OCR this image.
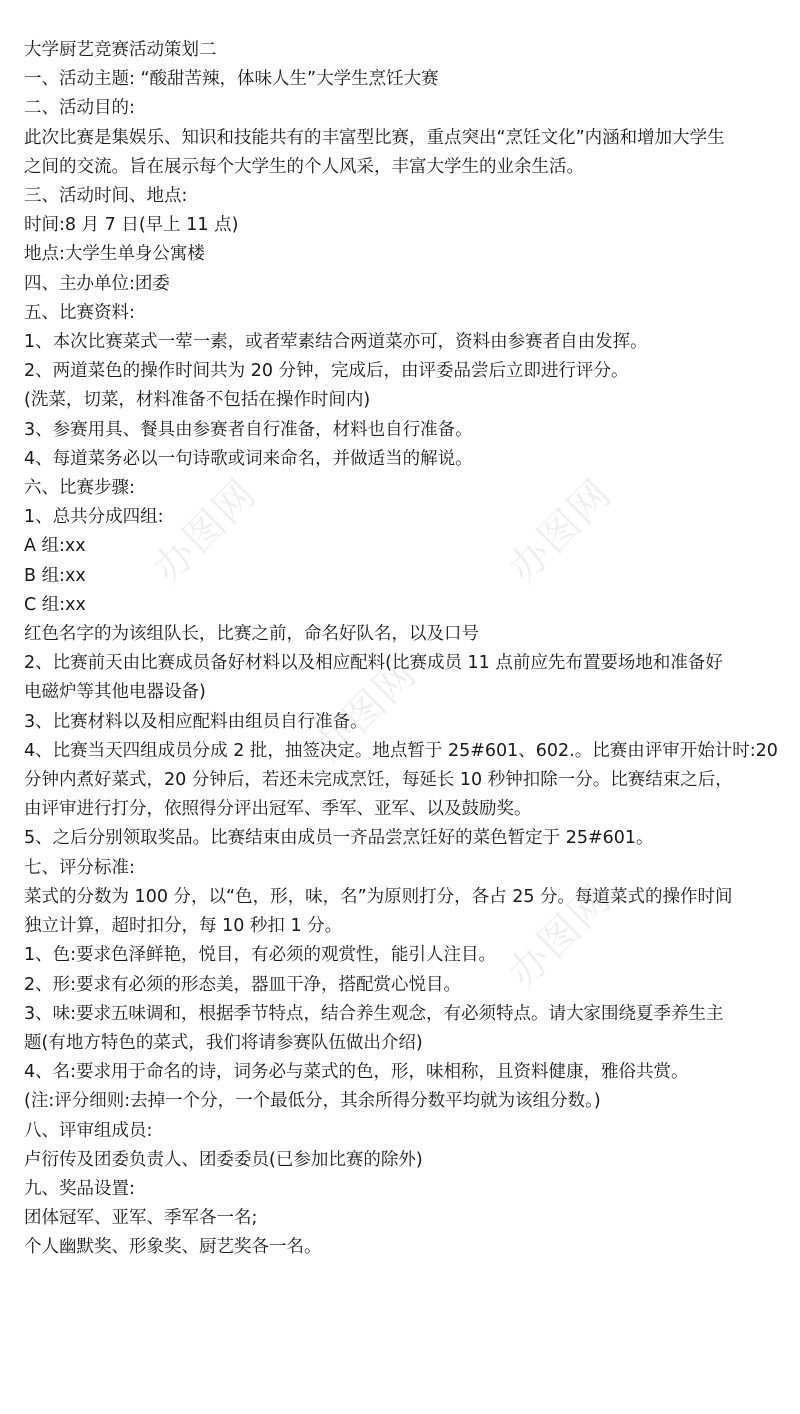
办图网	办图网
办图网
办图网
大学厨艺竞赛活动策划二
一、活动主题: “酸甜苦辣，体味人生”大学生烹饪大赛
二、活动目的:
此次比赛是集娱乐、知识和技能共有的丰富型比赛，重点突出“烹饪文化”内涵和增加大学生
之间的交流。旨在展示每个大学生的个人风采，丰富大学生的业余生活。
三、活动时间、地点:
时间:8 月 7 日(早上 11 点)
地点:大学生单身公寓楼
四、主办单位:团委
五、比赛资料:
1、本次比赛菜式一荤一素，或者荤素结合两道菜亦可，资料由参赛者自由发挥。
2、两道菜色的操作时间共为 20 分钟，完成后，由评委品尝后立即进行评分。
(洗菜，切菜，材料准备不包括在操作时间内)
3、参赛用具、餐具由参赛者自行准备，材料也自行准备。
4、每道菜务必以一句诗歌或词来命名，并做适当的解说。
六、比赛步骤:
1、总共分成四组:
A 组:xx
B 组:xx
C 组:xx
红色名字的为该组队长，比赛之前，命名好队名，以及口号
2、比赛前天由比赛成员备好材料以及相应配料(比赛成员 11 点前应先布置要场地和准备好
电磁炉等其他电器设备)
3、比赛材料以及相应配料由组员自行准备。
4、比赛当天四组成员分成 2 批，抽签决定。地点暂于 25#601、602.。比赛由评审开始计时:20
分钟内煮好菜式，20 分钟后，若还未完成烹饪，每延长 10 秒钟扣除一分。比赛结束之后，
由评审进行打分，依照得分评出冠军、季军、亚军、以及鼓励奖。
5、之后分别领取奖品。比赛结束由成员一齐品尝烹饪好的菜色暂定于 25#601。
七、评分标准:
菜式的分数为 100 分，以“色，形，味，名”为原则打分，各占 25 分。每道菜式的操作时间
独立计算，超时扣分，每 10 秒扣 1 分。
1、色:要求色泽鲜艳，悦目，有必须的观赏性，能引人注目。
2、形:要求有必须的形态美，器皿干净，搭配赏心悦目。
3、味:要求五味调和，根据季节特点，结合养生观念，有必须特点。请大家围绕夏季养生主
题(有地方特色的菜式，我们将请参赛队伍做出介绍)
4、名:要求用于命名的诗，词务必与菜式的色，形，味相称，且资料健康，雅俗共赏。
(注:评分细则:去掉一个分，一个最低分，其余所得分数平均就为该组分数。)
八、评审组成员:
卢衍传及团委负责人、团委委员(已参加比赛的除外)
九、奖品设置:
团体冠军、亚军、季军各一名;
个人幽默奖、形象奖、厨艺奖各一名。
